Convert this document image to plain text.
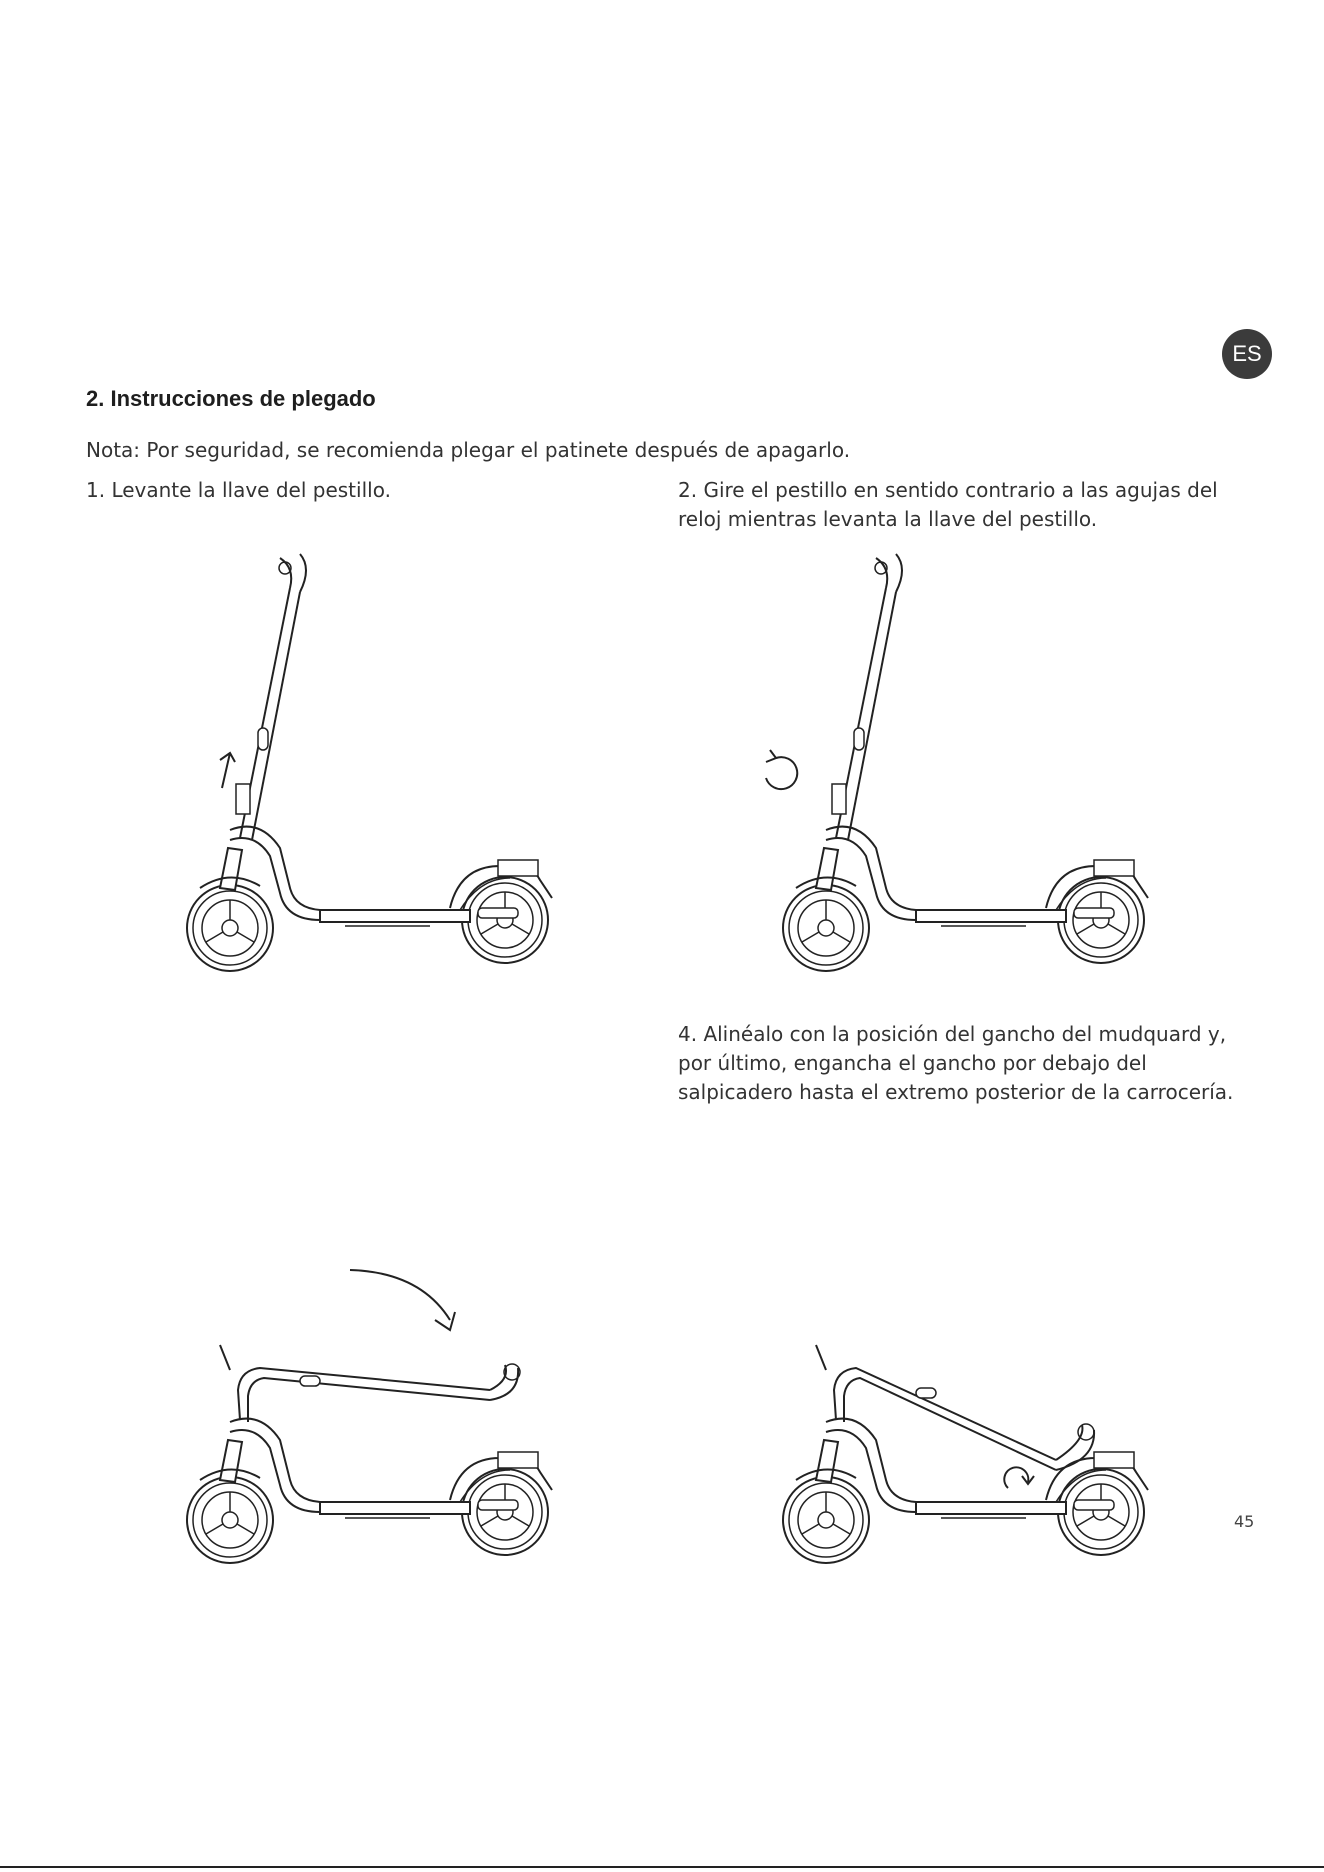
ES
2. Instrucciones de plegado
Nota: Por seguridad, se recomienda plegar el patinete después de apagarlo.
1. Levante la llave del pestillo.	2. Gire el pestillo en sentido contrario a las agujas del reloj mientras levanta la llave del pestillo.
4. Alinéalo con la posición del gancho del mudquard y, por último, engancha el gancho por debajo del salpicadero hasta el extremo posterior de la carrocería.
45
